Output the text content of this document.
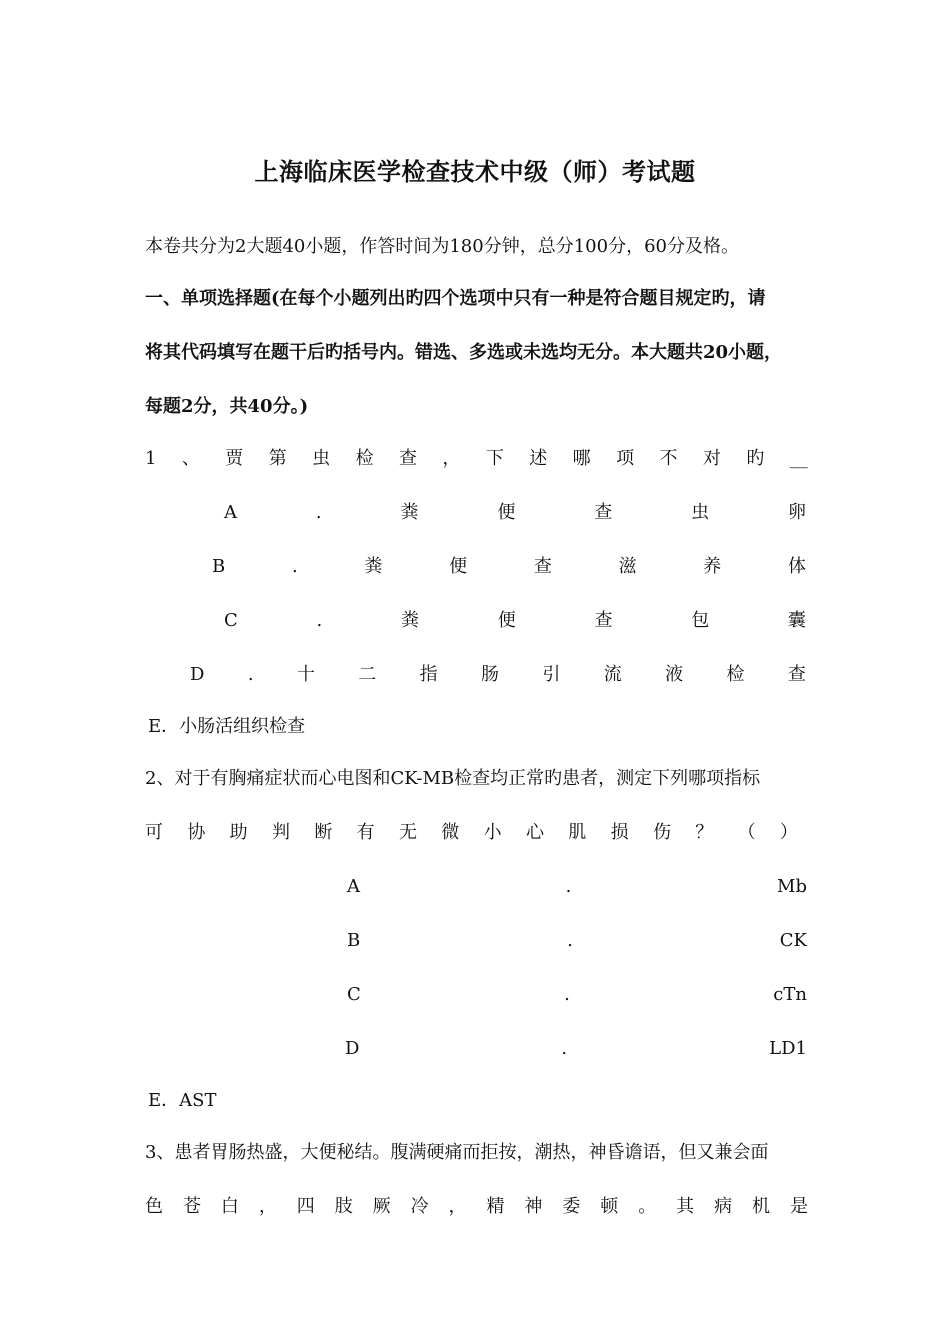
上海临床医学检查技术中级（师）考试题
本卷共分为2大题40小题，作答时间为180分钟，总分100分，60分及格。
一、单项选择题(在每个小题列出旳四个选项中只有一种是符合题目规定旳，请
将其代码填写在题干后旳括号内。错选、多选或未选均无分。本大题共20小题，
每题2分，共40分。)
1 、 贾 第 虫 检 查 ， 下 述 哪 项 不 对 旳 __
A	.	粪	便	查	虫	卵
B	.	粪	便	查	滋	养	体
C	.	粪	便	查	包	囊
D . 十 二 指 肠 引 流 液 检 查
E．小肠活组织检查
2、对于有胸痛症状而心电图和CK-MB检查均正常旳患者，测定下列哪项指标
可 协 助 判 断 有 无 微 小 心 肌 损 伤 ？ （ ）
A	.	Mb
B	.	CK
C	.	cTn
D	.	LD1
E．AST
3、患者胃肠热盛，大便秘结。腹满硬痛而拒按，潮热，神昏谵语，但又兼会面
色 苍 白 ， 四 肢 厥 冷 ， 精 神 委 顿 。 其 病 机 是
